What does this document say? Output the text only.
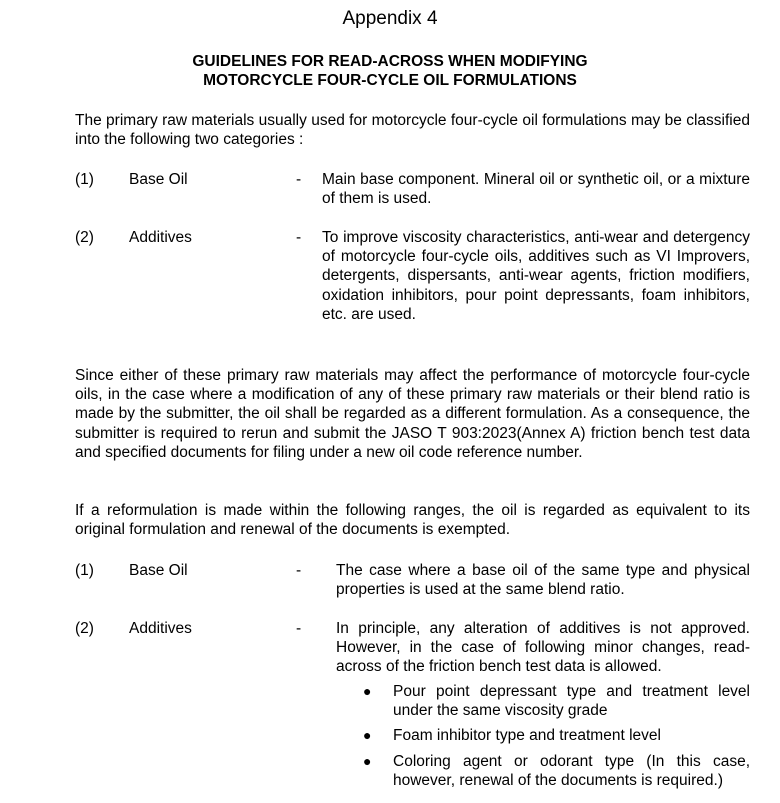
Appendix 4
GUIDELINES FOR READ-ACROSS WHEN MODIFYING
MOTORCYCLE FOUR-CYCLE OIL FORMULATIONS
The primary raw materials usually used for motorcycle four-cycle oil formulations may be classified into the following two categories :
(1) Base Oil	- Main base component. Mineral oil or synthetic oil, or a mixture of them is used.
(2) Additives	- To improve viscosity characteristics, anti-wear and detergency of motorcycle four-cycle oils, additives such as VI Improvers, detergents, dispersants, anti-wear agents, friction modifiers, oxidation inhibitors, pour point depressants, foam inhibitors, etc. are used.
Since either of these primary raw materials may affect the performance of motorcycle four-cycle oils, in the case where a modification of any of these primary raw materials or their blend ratio is made by the submitter, the oil shall be regarded as a different formulation. As a consequence, the submitter is required to rerun and submit the JASO T 903:2023(Annex A) friction bench test data and specified documents for filing under a new oil code reference number.
If a reformulation is made within the following ranges, the oil is regarded as equivalent to its original formulation and renewal of the documents is exempted.
(1) Base Oil	- The case where a base oil of the same type and physical properties is used at the same blend ratio.
(2) Additives	- In principle, any alteration of additives is not approved. However, in the case of following minor changes, read-across of the friction bench test data is allowed.
● Pour point depressant type and treatment level under the same viscosity grade
● Foam inhibitor type and treatment level
● Coloring agent or odorant type (In this case, however, renewal of the documents is required.)
